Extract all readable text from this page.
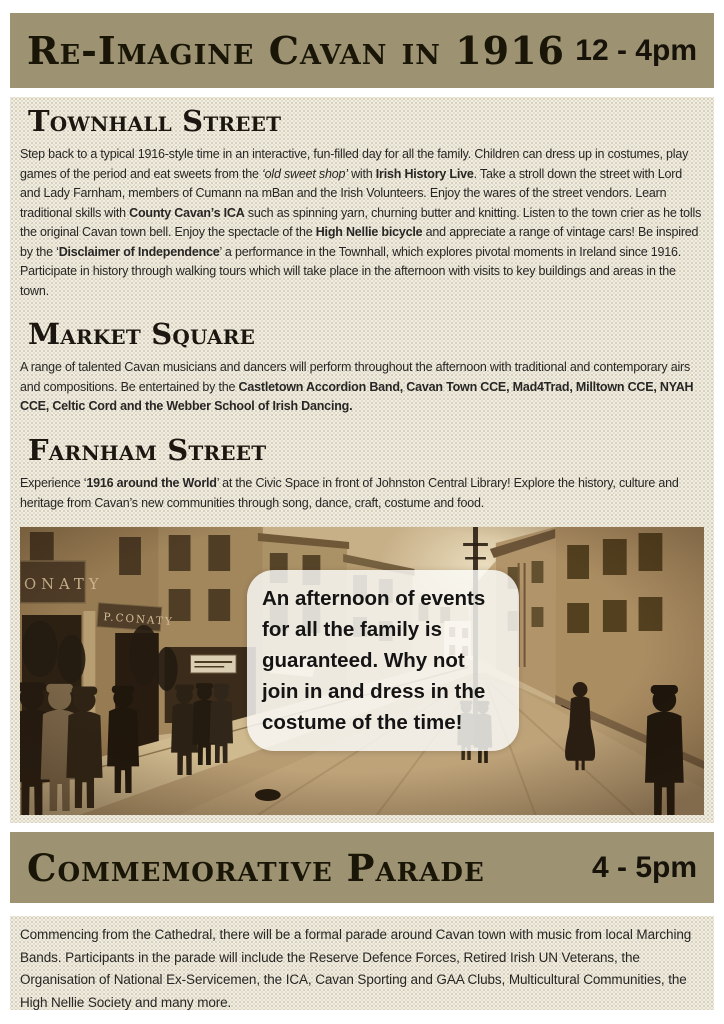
Re-Imagine Cavan in 1916 12 - 4pm
Townhall Street

Step back to a typical 1916-style time in an interactive, fun-filled day for all the family. Children can dress up in costumes, play games of the period and eat sweets from the ‘old sweet shop’ with Irish History Live. Take a stroll down the street with Lord and Lady Farnham, members of Cumann na mBan and the Irish Volunteers. Enjoy the wares of the street vendors. Learn traditional skills with County Cavan’s ICA such as spinning yarn, churning butter and knitting. Listen to the town crier as he tolls the original Cavan town bell. Enjoy the spectacle of the High Nellie bicycle and appreciate a range of vintage cars! Be inspired by the ‘Disclaimer of Independence’ a performance in the Townhall, which explores pivotal moments in Ireland since 1916. Participate in history through walking tours which will take place in the afternoon with visits to key buildings and areas in the town.

Market Square

A range of talented Cavan musicians and dancers will perform throughout the afternoon with traditional and contemporary airs and compositions. Be entertained by the Castletown Accordion Band, Cavan Town CCE, Mad4Trad, Milltown CCE, NYAH CCE, Celtic Cord and the Webber School of Irish Dancing.

Farnham Street

Experience ‘1916 around the World’ at the Civic Space in front of Johnston Central Library! Explore the history, culture and heritage from Cavan’s new communities through song, dance, craft, costume and food.

An afternoon of events for all the family is guaranteed. Why not join in and dress in the costume of the time!
Commemorative Parade	4 - 5pm

Commencing from the Cathedral, there will be a formal parade around Cavan town with music from local Marching Bands. Participants in the parade will include the Reserve Defence Forces, Retired Irish UN Veterans, the Organisation of National Ex-Servicemen, the ICA, Cavan Sporting and GAA Clubs, Multicultural Communities, the High Nellie Society and many more.
